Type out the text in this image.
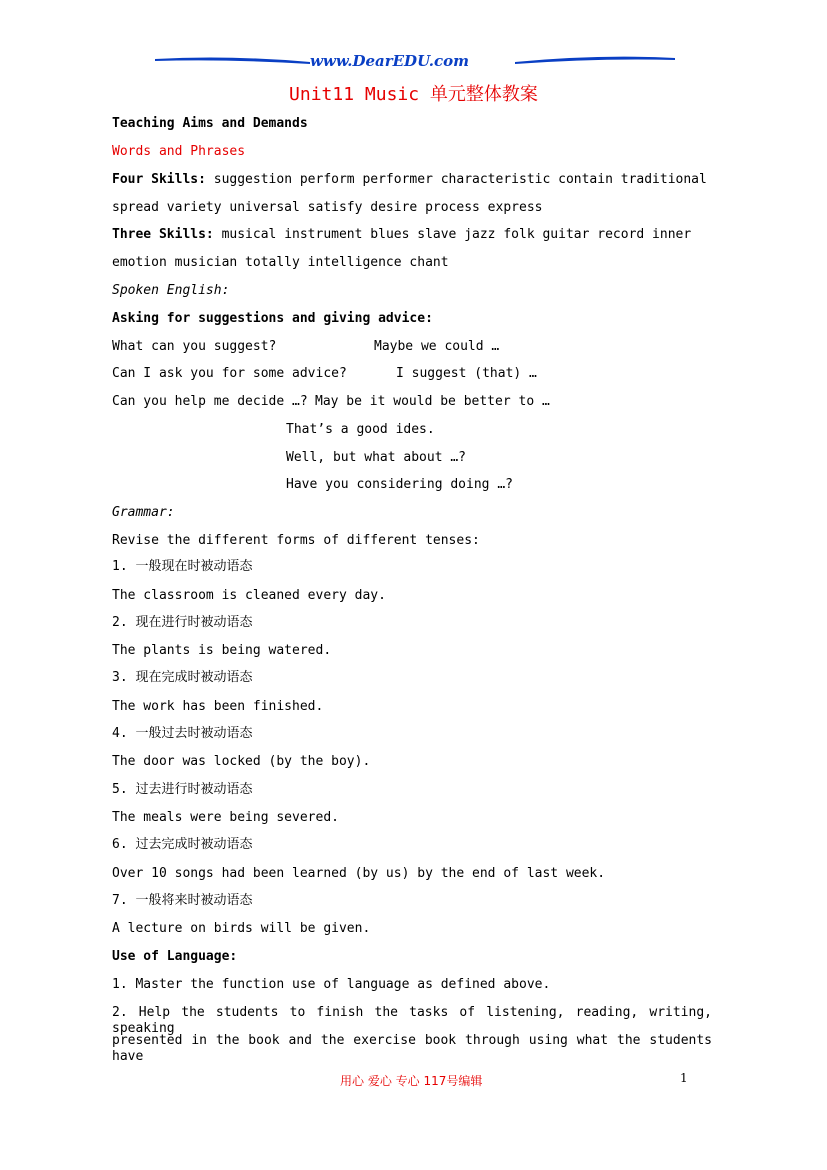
www.DearEDU.com
Unit11 Music 单元整体教案
Teaching Aims and Demands
Words and Phrases
Four Skills: suggestion perform performer characteristic contain traditional
spread variety universal satisfy desire process express
Three Skills: musical instrument blues slave jazz folk guitar record inner
emotion musician totally intelligence chant
Spoken English:
Asking for suggestions and giving advice:
What can you suggest?	Maybe we could …
Can I ask you for some advice?	I suggest (that) …
Can you help me decide …? May be it would be better to …
That’s a good ides.
Well, but what about …?
Have you considering doing …?
Grammar:
Revise the different forms of different tenses:
1. 一般现在时被动语态
The classroom is cleaned every day.
2. 现在进行时被动语态
The plants is being watered.
3. 现在完成时被动语态
The work has been finished.
4. 一般过去时被动语态
The door was locked (by the boy).
5. 过去进行时被动语态
The meals were being severed.
6. 过去完成时被动语态
Over 10 songs had been learned (by us) by the end of last week.
7. 一般将来时被动语态
A lecture on birds will be given.
Use of Language:
1. Master the function use of language as defined above.
2. Help the students to finish the tasks of listening, reading, writing, speaking
presented in the book and the exercise book through using what the students have
用心 爱心 专心 117号编辑	1
